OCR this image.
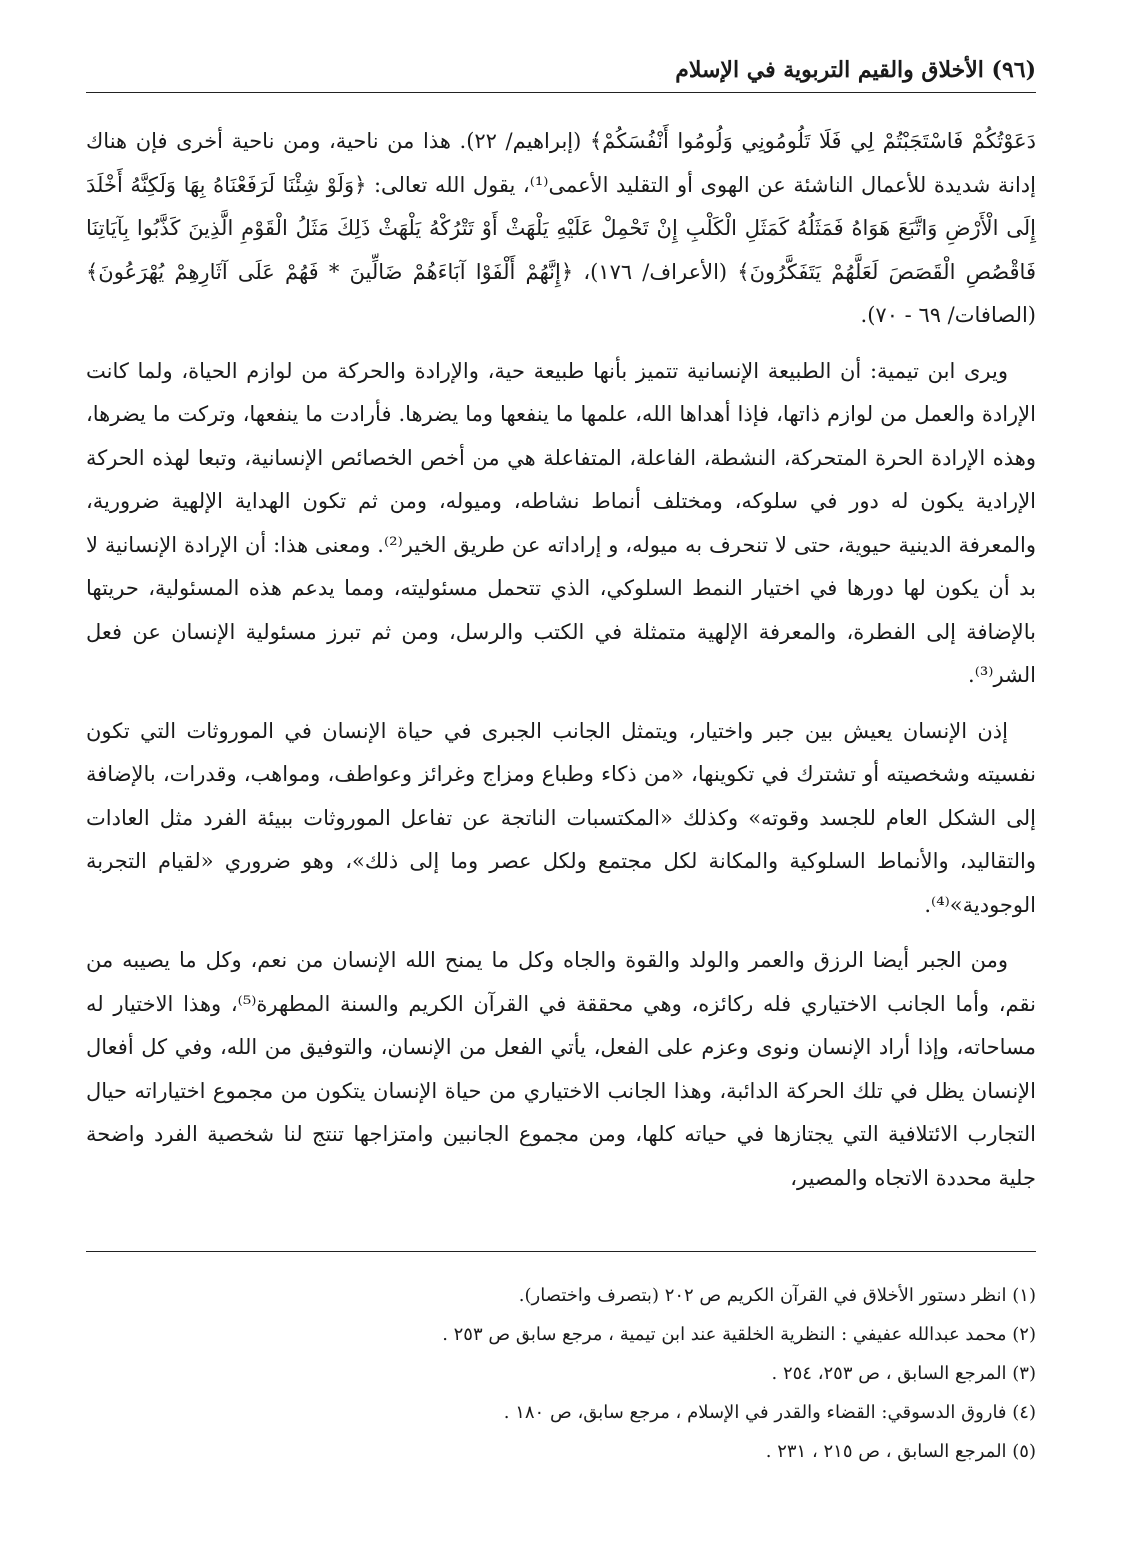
(٩٦) الأخلاق والقيم التربوية في الإسلام

دَعَوْتُكُمْ فَاسْتَجَبْتُمْ لِي فَلَا تَلُومُونِي وَلُومُوا أَنْفُسَكُمْ﴾ (إبراهيم/ ٢٢). هذا من ناحية، ومن ناحية أخرى فإن هناك إدانة شديدة للأعمال الناشئة عن الهوى أو التقليد الأعمى⁽¹⁾، يقول الله تعالى: ﴿وَلَوْ شِئْنَا لَرَفَعْنَاهُ بِهَا وَلَكِنَّهُ أَخْلَدَ إِلَى الْأَرْضِ وَاتَّبَعَ هَوَاهُ فَمَثَلُهُ كَمَثَلِ الْكَلْبِ إِنْ تَحْمِلْ عَلَيْهِ يَلْهَثْ أَوْ تَتْرُكْهُ يَلْهَثْ ذَلِكَ مَثَلُ الْقَوْمِ الَّذِينَ كَذَّبُوا بِآيَاتِنَا فَاقْصُصِ الْقَصَصَ لَعَلَّهُمْ يَتَفَكَّرُونَ﴾ (الأعراف/ ١٧٦)، ﴿إِنَّهُمْ أَلْفَوْا آبَاءَهُمْ ضَالِّينَ * فَهُمْ عَلَى آثَارِهِمْ يُهْرَعُونَ﴾ (الصافات/ ٦٩ - ٧٠).

ويرى ابن تيمية: أن الطبيعة الإنسانية تتميز بأنها طبيعة حية، والإرادة والحركة من لوازم الحياة، ولما كانت الإرادة والعمل من لوازم ذاتها، فإذا أهداها الله، علمها ما ينفعها وما يضرها. فأرادت ما ينفعها، وتركت ما يضرها، وهذه الإرادة الحرة المتحركة، النشطة، الفاعلة، المتفاعلة هي من أخص الخصائص الإنسانية، وتبعا لهذه الحركة الإرادية يكون له دور في سلوكه، ومختلف أنماط نشاطه، وميوله، ومن ثم تكون الهداية الإلهية ضرورية، والمعرفة الدينية حيوية، حتى لا تنحرف به ميوله، و إراداته عن طريق الخير⁽²⁾. ومعنى هذا: أن الإرادة الإنسانية لا بد أن يكون لها دورها في اختيار النمط السلوكي، الذي تتحمل مسئوليته، ومما يدعم هذه المسئولية، حريتها بالإضافة إلى الفطرة، والمعرفة الإلهية متمثلة في الكتب والرسل، ومن ثم تبرز مسئولية الإنسان عن فعل الشر⁽³⁾.

إذن الإنسان يعيش بين جبر واختيار، ويتمثل الجانب الجبرى في حياة الإنسان في الموروثات التي تكون نفسيته وشخصيته أو تشترك في تكوينها، «من ذكاء وطباع ومزاج وغرائز وعواطف، ومواهب، وقدرات، بالإضافة إلى الشكل العام للجسد وقوته» وكذلك «المكتسبات الناتجة عن تفاعل الموروثات ببيئة الفرد مثل العادات والتقاليد، والأنماط السلوكية والمكانة لكل مجتمع ولكل عصر وما إلى ذلك»، وهو ضروري «لقيام التجربة الوجودية»⁽⁴⁾.

ومن الجبر أيضا الرزق والعمر والولد والقوة والجاه وكل ما يمنح الله الإنسان من نعم، وكل ما يصيبه من نقم، وأما الجانب الاختياري فله ركائزه، وهي محققة في القرآن الكريم والسنة المطهرة⁽⁵⁾، وهذا الاختيار له مساحاته، وإذا أراد الإنسان ونوى وعزم على الفعل، يأتي الفعل من الإنسان، والتوفيق من الله، وفي كل أفعال الإنسان يظل في تلك الحركة الدائبة، وهذا الجانب الاختياري من حياة الإنسان يتكون من مجموع اختياراته حيال التجارب الائتلافية التي يجتازها في حياته كلها، ومن مجموع الجانبين وامتزاجها تنتج لنا شخصية الفرد واضحة جلية محددة الاتجاه والمصير،

(١) انظر دستور الأخلاق في القرآن الكريم ص ٢٠٢ (بتصرف واختصار).
(٢) محمد عبدالله عفيفي : النظرية الخلقية عند ابن تيمية ، مرجع سابق ص ٢٥٣ .
(٣) المرجع السابق ، ص ٢٥٣، ٢٥٤ .
(٤) فاروق الدسوقي: القضاء والقدر في الإسلام ، مرجع سابق، ص ١٨٠ .
(٥) المرجع السابق ، ص ٢١٥ ، ٢٣١ .
